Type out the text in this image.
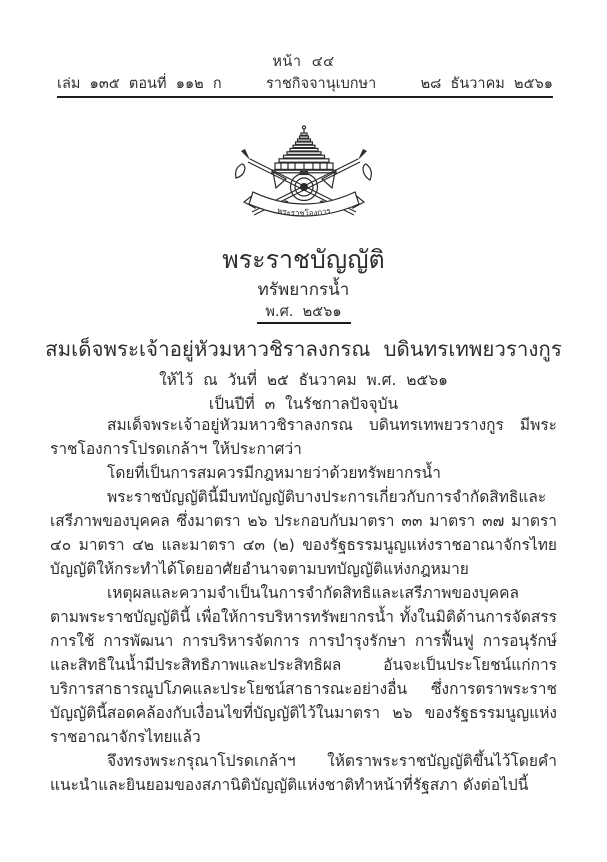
หน้า  ๔๔
เล่ม  ๑๓๕  ตอนที่  ๑๑๒  ก	ราชกิจจานุเบกษา	๒๘  ธันวาคม  ๒๕๖๑
พระราชโองการ
พระราชบัญญัติ
ทรัพยากรน้ำ
พ.ศ.  ๒๕๖๑
สมเด็จพระเจ้าอยู่หัวมหาวชิราลงกรณ  บดินทรเทพยวรางกูร
ให้ไว้  ณ  วันที่  ๒๕  ธันวาคม  พ.ศ.  ๒๕๖๑
เป็นปีที่  ๓  ในรัชกาลปัจจุบัน

สมเด็จพระเจ้าอยู่หัวมหาวชิราลงกรณ บดินทรเทพยวรางกูร มีพระราชโองการโปรดเกล้าฯ ให้ประกาศว่า

โดยที่เป็นการสมควรมีกฎหมายว่าด้วยทรัพยากรน้ำ

พระราชบัญญัตินี้มีบทบัญญัติบางประการเกี่ยวกับการจำกัดสิทธิและเสรีภาพของบุคคล ซึ่งมาตรา ๒๖ ประกอบกับมาตรา ๓๓ มาตรา ๓๗ มาตรา ๔๐ มาตรา ๔๒ และมาตรา ๔๓ (๒) ของรัฐธรรมนูญแห่งราชอาณาจักรไทย บัญญัติให้กระทำได้โดยอาศัยอำนาจตามบทบัญญัติแห่งกฎหมาย

เหตุผลและความจำเป็นในการจำกัดสิทธิและเสรีภาพของบุคคลตามพระราชบัญญัตินี้ เพื่อให้การบริหารทรัพยากรน้ำ ทั้งในมิติด้านการจัดสรร การใช้ การพัฒนา การบริหารจัดการ การบำรุงรักษา การฟื้นฟู การอนุรักษ์ และสิทธิในน้ำมีประสิทธิภาพและประสิทธิผล อันจะเป็นประโยชน์แก่การบริการสาธารณูปโภคและประโยชน์สาธารณะอย่างอื่น ซึ่งการตราพระราชบัญญัตินี้สอดคล้องกับเงื่อนไขที่บัญญัติไว้ในมาตรา ๒๖ ของรัฐธรรมนูญแห่งราชอาณาจักรไทยแล้ว

จึงทรงพระกรุณาโปรดเกล้าฯ ให้ตราพระราชบัญญัติขึ้นไว้โดยคำแนะนำและยินยอมของสภานิติบัญญัติแห่งชาติทำหน้าที่รัฐสภา ดังต่อไปนี้
